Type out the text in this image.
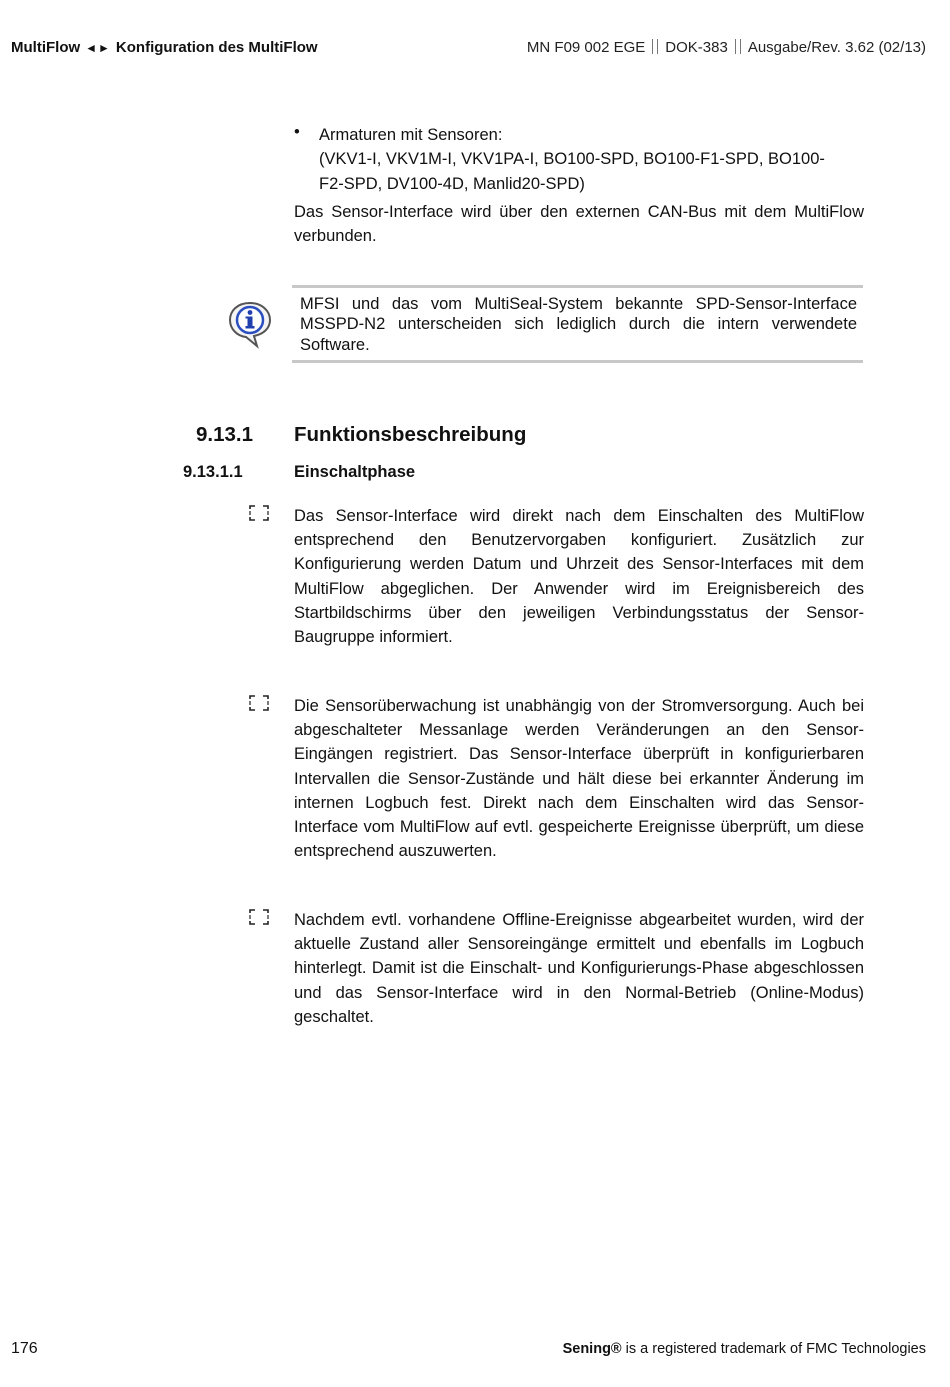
MultiFlow ◄► Konfiguration des MultiFlow	MN F09 002 EGE DOK-383 Ausgabe/Rev. 3.62 (02/13)
• Armaturen mit Sensoren:
(VKV1-I, VKV1M-I, VKV1PA-I, BO100-SPD, BO100-F1-SPD, BO100-
F2-SPD, DV100-4D, Manlid20-SPD)
Das Sensor-Interface wird über den externen CAN-Bus mit dem MultiFlow verbunden.
MFSI und das vom MultiSeal-System bekannte SPD-Sensor-Interface MSSPD-N2 unterscheiden sich lediglich durch die intern verwendete Software.
9.13.1 Funktionsbeschreibung
9.13.1.1	Einschaltphase
Das Sensor-Interface wird direkt nach dem Einschalten des MultiFlow entsprechend den Benutzervorgaben konfiguriert. Zusätzlich zur Konfigurierung werden Datum und Uhrzeit des Sensor-Interfaces mit dem MultiFlow abgeglichen. Der Anwender wird im Ereignisbereich des Startbildschirms über den jeweiligen Verbindungsstatus der Sensor-Baugruppe informiert.
Die Sensorüberwachung ist unabhängig von der Stromversorgung. Auch bei abgeschalteter Messanlage werden Veränderungen an den Sensor-Eingängen registriert. Das Sensor-Interface überprüft in konfigurierbaren Intervallen die Sensor-Zustände und hält diese bei erkannter Änderung im internen Logbuch fest. Direkt nach dem Einschalten wird das Sensor-Interface vom MultiFlow auf evtl. gespeicherte Ereignisse überprüft, um diese entsprechend auszuwerten.
Nachdem evtl. vorhandene Offline-Ereignisse abgearbeitet wurden, wird der aktuelle Zustand aller Sensoreingänge ermittelt und ebenfalls im Logbuch hinterlegt. Damit ist die Einschalt- und Konfigurierungs-Phase abgeschlossen und das Sensor-Interface wird in den Normal-Betrieb (Online-Modus) geschaltet.
176	Sening® is a registered trademark of FMC Technologies
